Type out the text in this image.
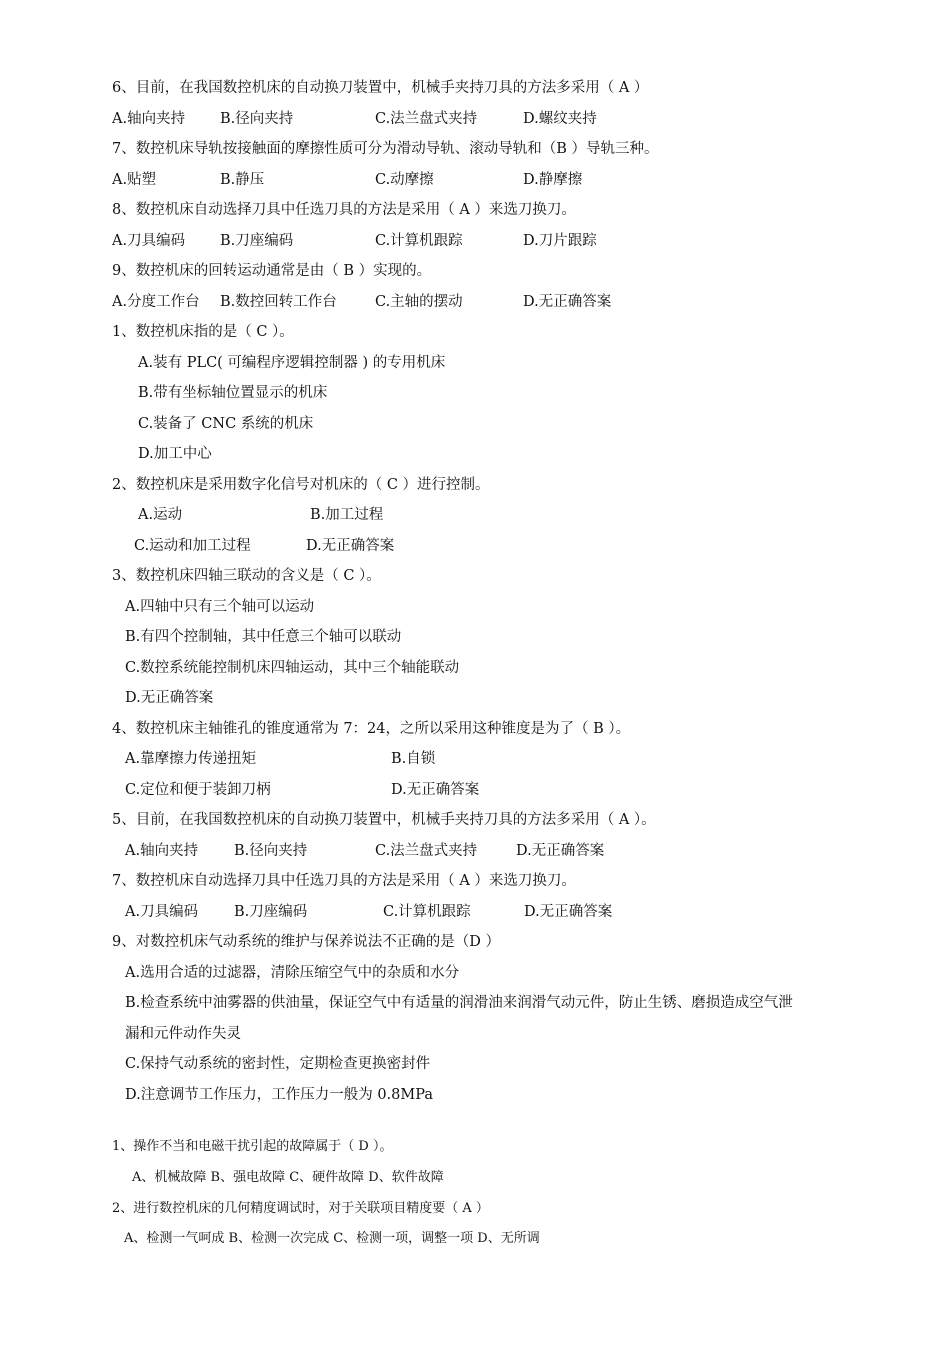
6、目前，在我国数控机床的自动换刀装置中，机械手夹持刀具的方法多采用（ A ）
A.轴向夹持 B.径向夹持	C.法兰盘式夹持	D.螺纹夹持
7、数控机床导轨按接触面的摩擦性质可分为滑动导轨、滚动导轨和（B ）导轨三种。
A.贴塑	B.静压	C.动摩擦	D.静摩擦
8、数控机床自动选择刀具中任选刀具的方法是采用（ A ）来选刀换刀。
A.刀具编码 B.刀座编码	C.计算机跟踪	D.刀片跟踪
9、数控机床的回转运动通常是由（ B ）实现的。
A.分度工作台 B.数控回转工作台	C.主轴的摆动	D.无正确答案
1、数控机床指的是（ C ）。
A.装有 PLC( 可编程序逻辑控制器 ) 的专用机床
B.带有坐标轴位置显示的机床
C.装备了 CNC 系统的机床
D.加工中心
2、数控机床是采用数字化信号对机床的（ C ）进行控制。
A.运动	B.加工过程
C.运动和加工过程	D.无正确答案
3、数控机床四轴三联动的含义是（ C ）。
A.四轴中只有三个轴可以运动
B.有四个控制轴，其中任意三个轴可以联动
C.数控系统能控制机床四轴运动，其中三个轴能联动
D.无正确答案
4、数控机床主轴锥孔的锥度通常为 7：24，之所以采用这种锥度是为了（ B ）。
A.靠摩擦力传递扭矩	B.自锁
C.定位和便于装卸刀柄	D.无正确答案
5、目前，在我国数控机床的自动换刀装置中，机械手夹持刀具的方法多采用（ A ）。
A.轴向夹持 B.径向夹持	C.法兰盘式夹持	D.无正确答案
7、数控机床自动选择刀具中任选刀具的方法是采用（ A ）来选刀换刀。
A.刀具编码 B.刀座编码	C.计算机跟踪	D.无正确答案
9、对数控机床气动系统的维护与保养说法不正确的是（D ）
A.选用合适的过滤器，清除压缩空气中的杂质和水分
B.检查系统中油雾器的供油量，保证空气中有适量的润滑油来润滑气动元件，防止生锈、磨损造成空气泄
漏和元件动作失灵
C.保持气动系统的密封性，定期检查更换密封件
D.注意调节工作压力，工作压力一般为 0.8MPa
1、操作不当和电磁干扰引起的故障属于（ D ）。
A、机械故障 B、强电故障 C、硬件故障 D、软件故障
2、进行数控机床的几何精度调试时，对于关联项目精度要（ A ）
A、检测一气呵成 B、检测一次完成 C、检测一项，调整一项 D、无所调
